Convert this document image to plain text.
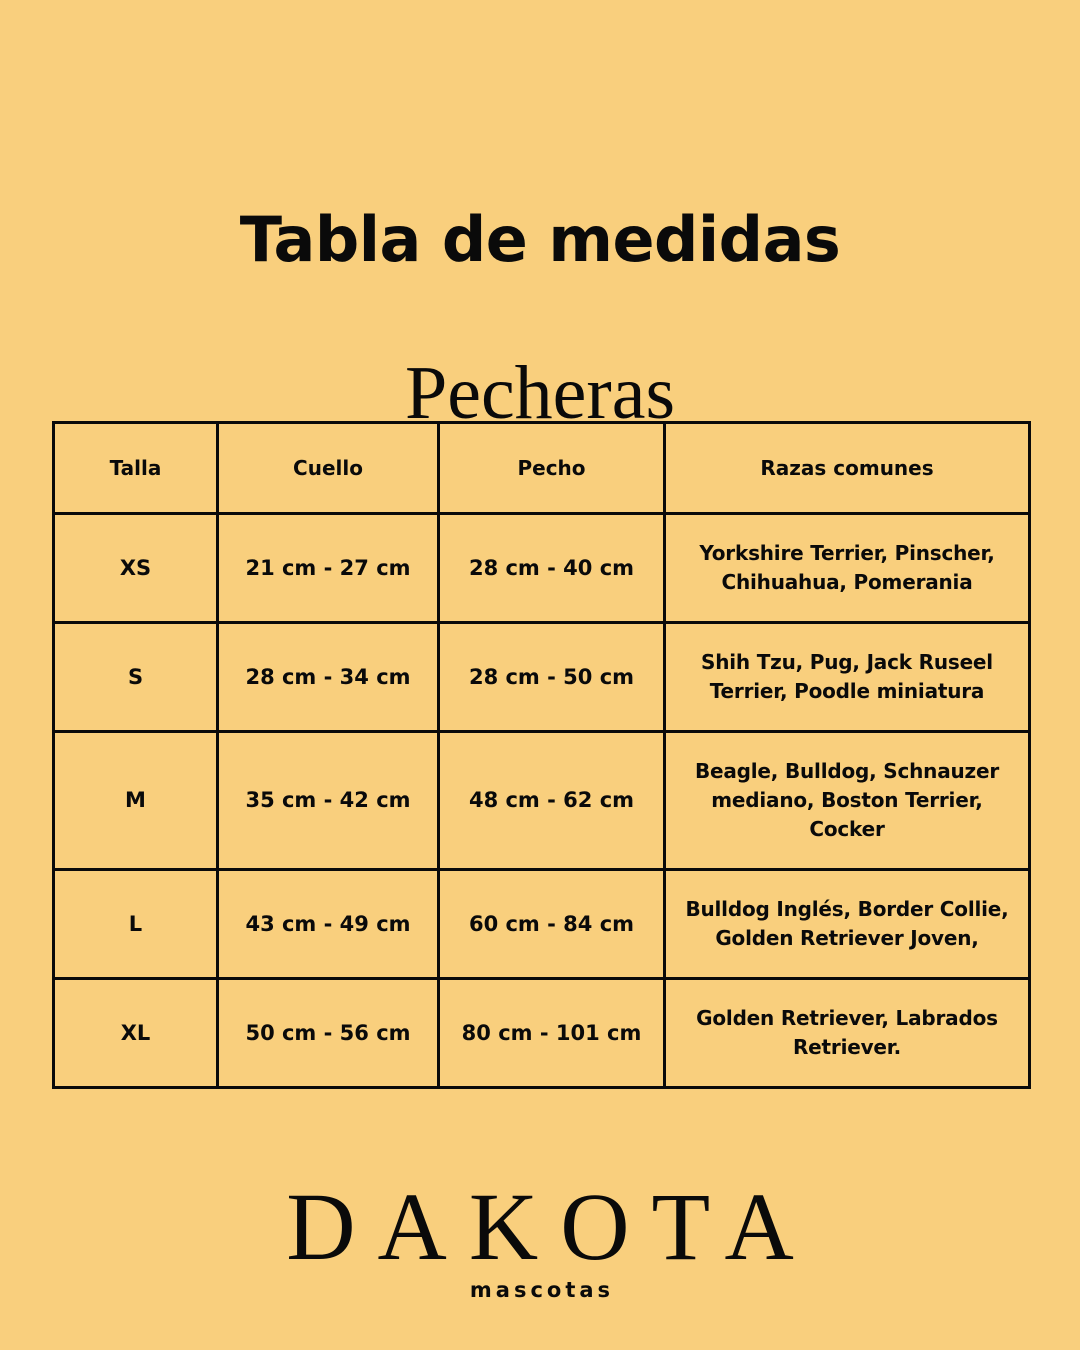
Tabla de medidas
Pecheras
Talla	Cuello	Pecho	Razas comunes
XS	21 cm - 27 cm	28 cm - 40 cm	Yorkshire Terrier, Pinscher, Chihuahua, Pomerania
S	28 cm - 34 cm	28 cm - 50 cm	Shih Tzu, Pug, Jack Ruseel Terrier, Poodle miniatura
M	35 cm - 42 cm	48 cm - 62 cm	Beagle, Bulldog, Schnauzer mediano, Boston Terrier, Cocker
L	43 cm - 49 cm	60 cm - 84 cm	Bulldog Inglés, Border Collie, Golden Retriever Joven,
XL	50 cm - 56 cm	80 cm - 101 cm	Golden Retriever, Labrados Retriever.
DAKOTA
mascotas
